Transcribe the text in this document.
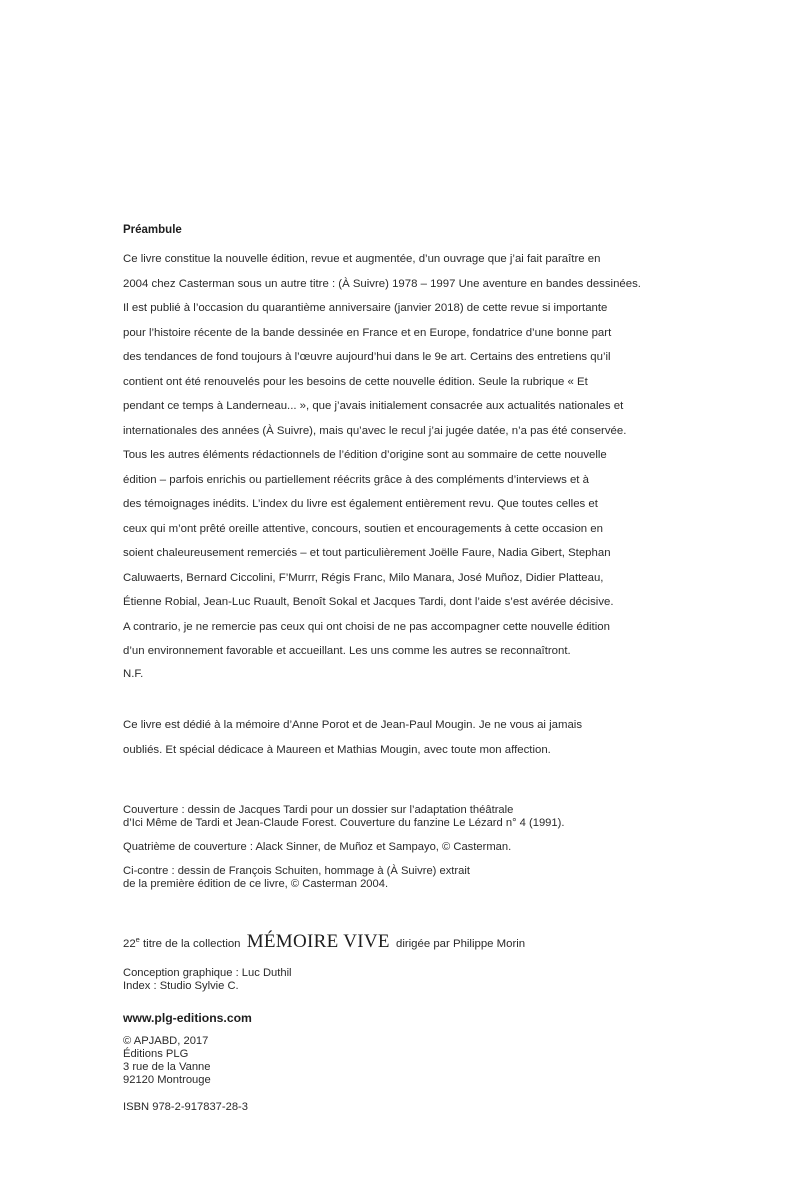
Préambule

Ce livre constitue la nouvelle édition, revue et augmentée, d’un ouvrage que j’ai fait paraître en
2004 chez Casterman sous un autre titre : (À Suivre) 1978 – 1997 Une aventure en bandes dessinées.
Il est publié à l’occasion du quarantième anniversaire (janvier 2018) de cette revue si importante
pour l’histoire récente de la bande dessinée en France et en Europe, fondatrice d’une bonne part
des tendances de fond toujours à l’œuvre aujourd’hui dans le 9e art. Certains des entretiens qu’il
contient ont été renouvelés pour les besoins de cette nouvelle édition. Seule la rubrique « Et
pendant ce temps à Landerneau... », que j’avais initialement consacrée aux actualités nationales et
internationales des années (À Suivre), mais qu’avec le recul j’ai jugée datée, n’a pas été conservée.
Tous les autres éléments rédactionnels de l’édition d’origine sont au sommaire de cette nouvelle
édition – parfois enrichis ou partiellement réécrits grâce à des compléments d’interviews et à
des témoignages inédits. L’index du livre est également entièrement revu. Que toutes celles et
ceux qui m’ont prêté oreille attentive, concours, soutien et encouragements à cette occasion en
soient chaleureusement remerciés – et tout particulièrement Joëlle Faure, Nadia Gibert, Stephan
Caluwaerts, Bernard Ciccolini, F’Murrr, Régis Franc, Milo Manara, José Muñoz, Didier Platteau,
Étienne Robial, Jean-Luc Ruault, Benoît Sokal et Jacques Tardi, dont l’aide s’est avérée décisive.
A contrario, je ne remercie pas ceux qui ont choisi de ne pas accompagner cette nouvelle édition
d’un environnement favorable et accueillant. Les uns comme les autres se reconnaîtront.

N.F.

Ce livre est dédié à la mémoire d’Anne Porot et de Jean-Paul Mougin. Je ne vous ai jamais
oubliés. Et spécial dédicace à Maureen et Mathias Mougin, avec toute mon affection.

Couverture : dessin de Jacques Tardi pour un dossier sur l’adaptation théâtrale
d’Ici Même de Tardi et Jean-Claude Forest. Couverture du fanzine Le Lézard n° 4 (1991).

Quatrième de couverture : Alack Sinner, de Muñoz et Sampayo, © Casterman.

Ci-contre : dessin de François Schuiten, hommage à (À Suivre) extrait
de la première édition de ce livre, © Casterman 2004.

22e titre de la collection MÉMOIRE VIVE dirigée par Philippe Morin

Conception graphique : Luc Duthil
Index : Studio Sylvie C.

www.plg-editions.com

© APJABD, 2017
Éditions PLG
3 rue de la Vanne
92120 Montrouge

ISBN 978-2-917837-28-3
